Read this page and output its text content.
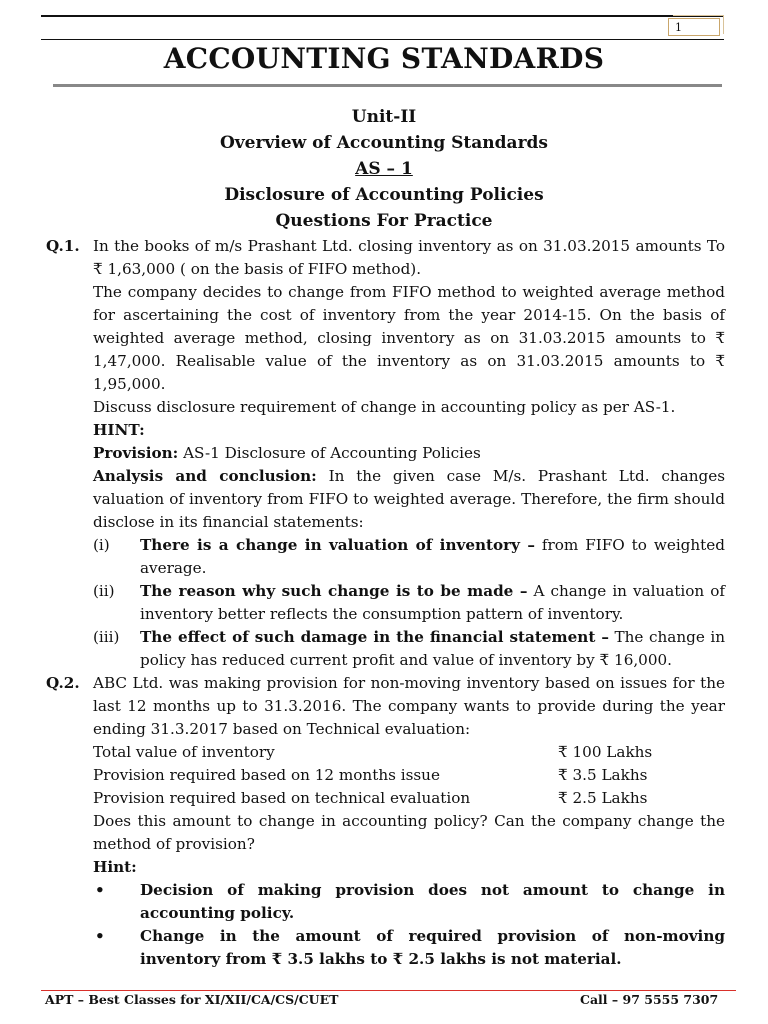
1
ACCOUNTING STANDARDS
Unit-II
Overview of Accounting Standards
AS – 1
Disclosure of Accounting Policies
Questions For Practice
Q.1. In the books of m/s Prashant Ltd. closing inventory as on 31.03.2015 amounts To ₹ 1,63,000 ( on the basis of FIFO method).
The company decides to change from FIFO method to weighted average method for ascertaining the cost of inventory from the year 2014-15. On the basis of weighted average method, closing inventory as on 31.03.2015 amounts to ₹ 1,47,000. Realisable value of the inventory as on 31.03.2015 amounts to ₹ 1,95,000.
Discuss disclosure requirement of change in accounting policy as per AS-1.
HINT:
Provision: AS-1 Disclosure of Accounting Policies
Analysis and conclusion: In the given case M/s. Prashant Ltd. changes valuation of inventory from FIFO to weighted average. Therefore, the firm should disclose in its financial statements:
(i) There is a change in valuation of inventory – from FIFO to weighted average.
(ii) The reason why such change is to be made – A change in valuation of inventory better reflects the consumption pattern of inventory.
(iii) The effect of such damage in the financial statement – The change in policy has reduced current profit and value of inventory by ₹ 16,000.
Q.2. ABC Ltd. was making provision for non-moving inventory based on issues for the last 12 months up to 31.3.2016. The company wants to provide during the year ending 31.3.2017 based on Technical evaluation:
Total value of inventory	₹ 100 Lakhs
Provision required based on 12 months issue	₹ 3.5 Lakhs
Provision required based on technical evaluation	₹ 2.5 Lakhs
Does this amount to change in accounting policy? Can the company change the method of provision?
Hint:
• Decision of making provision does not amount to change in accounting policy.
• Change in the amount of required provision of non-moving inventory from ₹ 3.5 lakhs to ₹ 2.5 lakhs is not material.
APT – Best Classes for XI/XII/CA/CS/CUET	Call – 97 5555 7307
